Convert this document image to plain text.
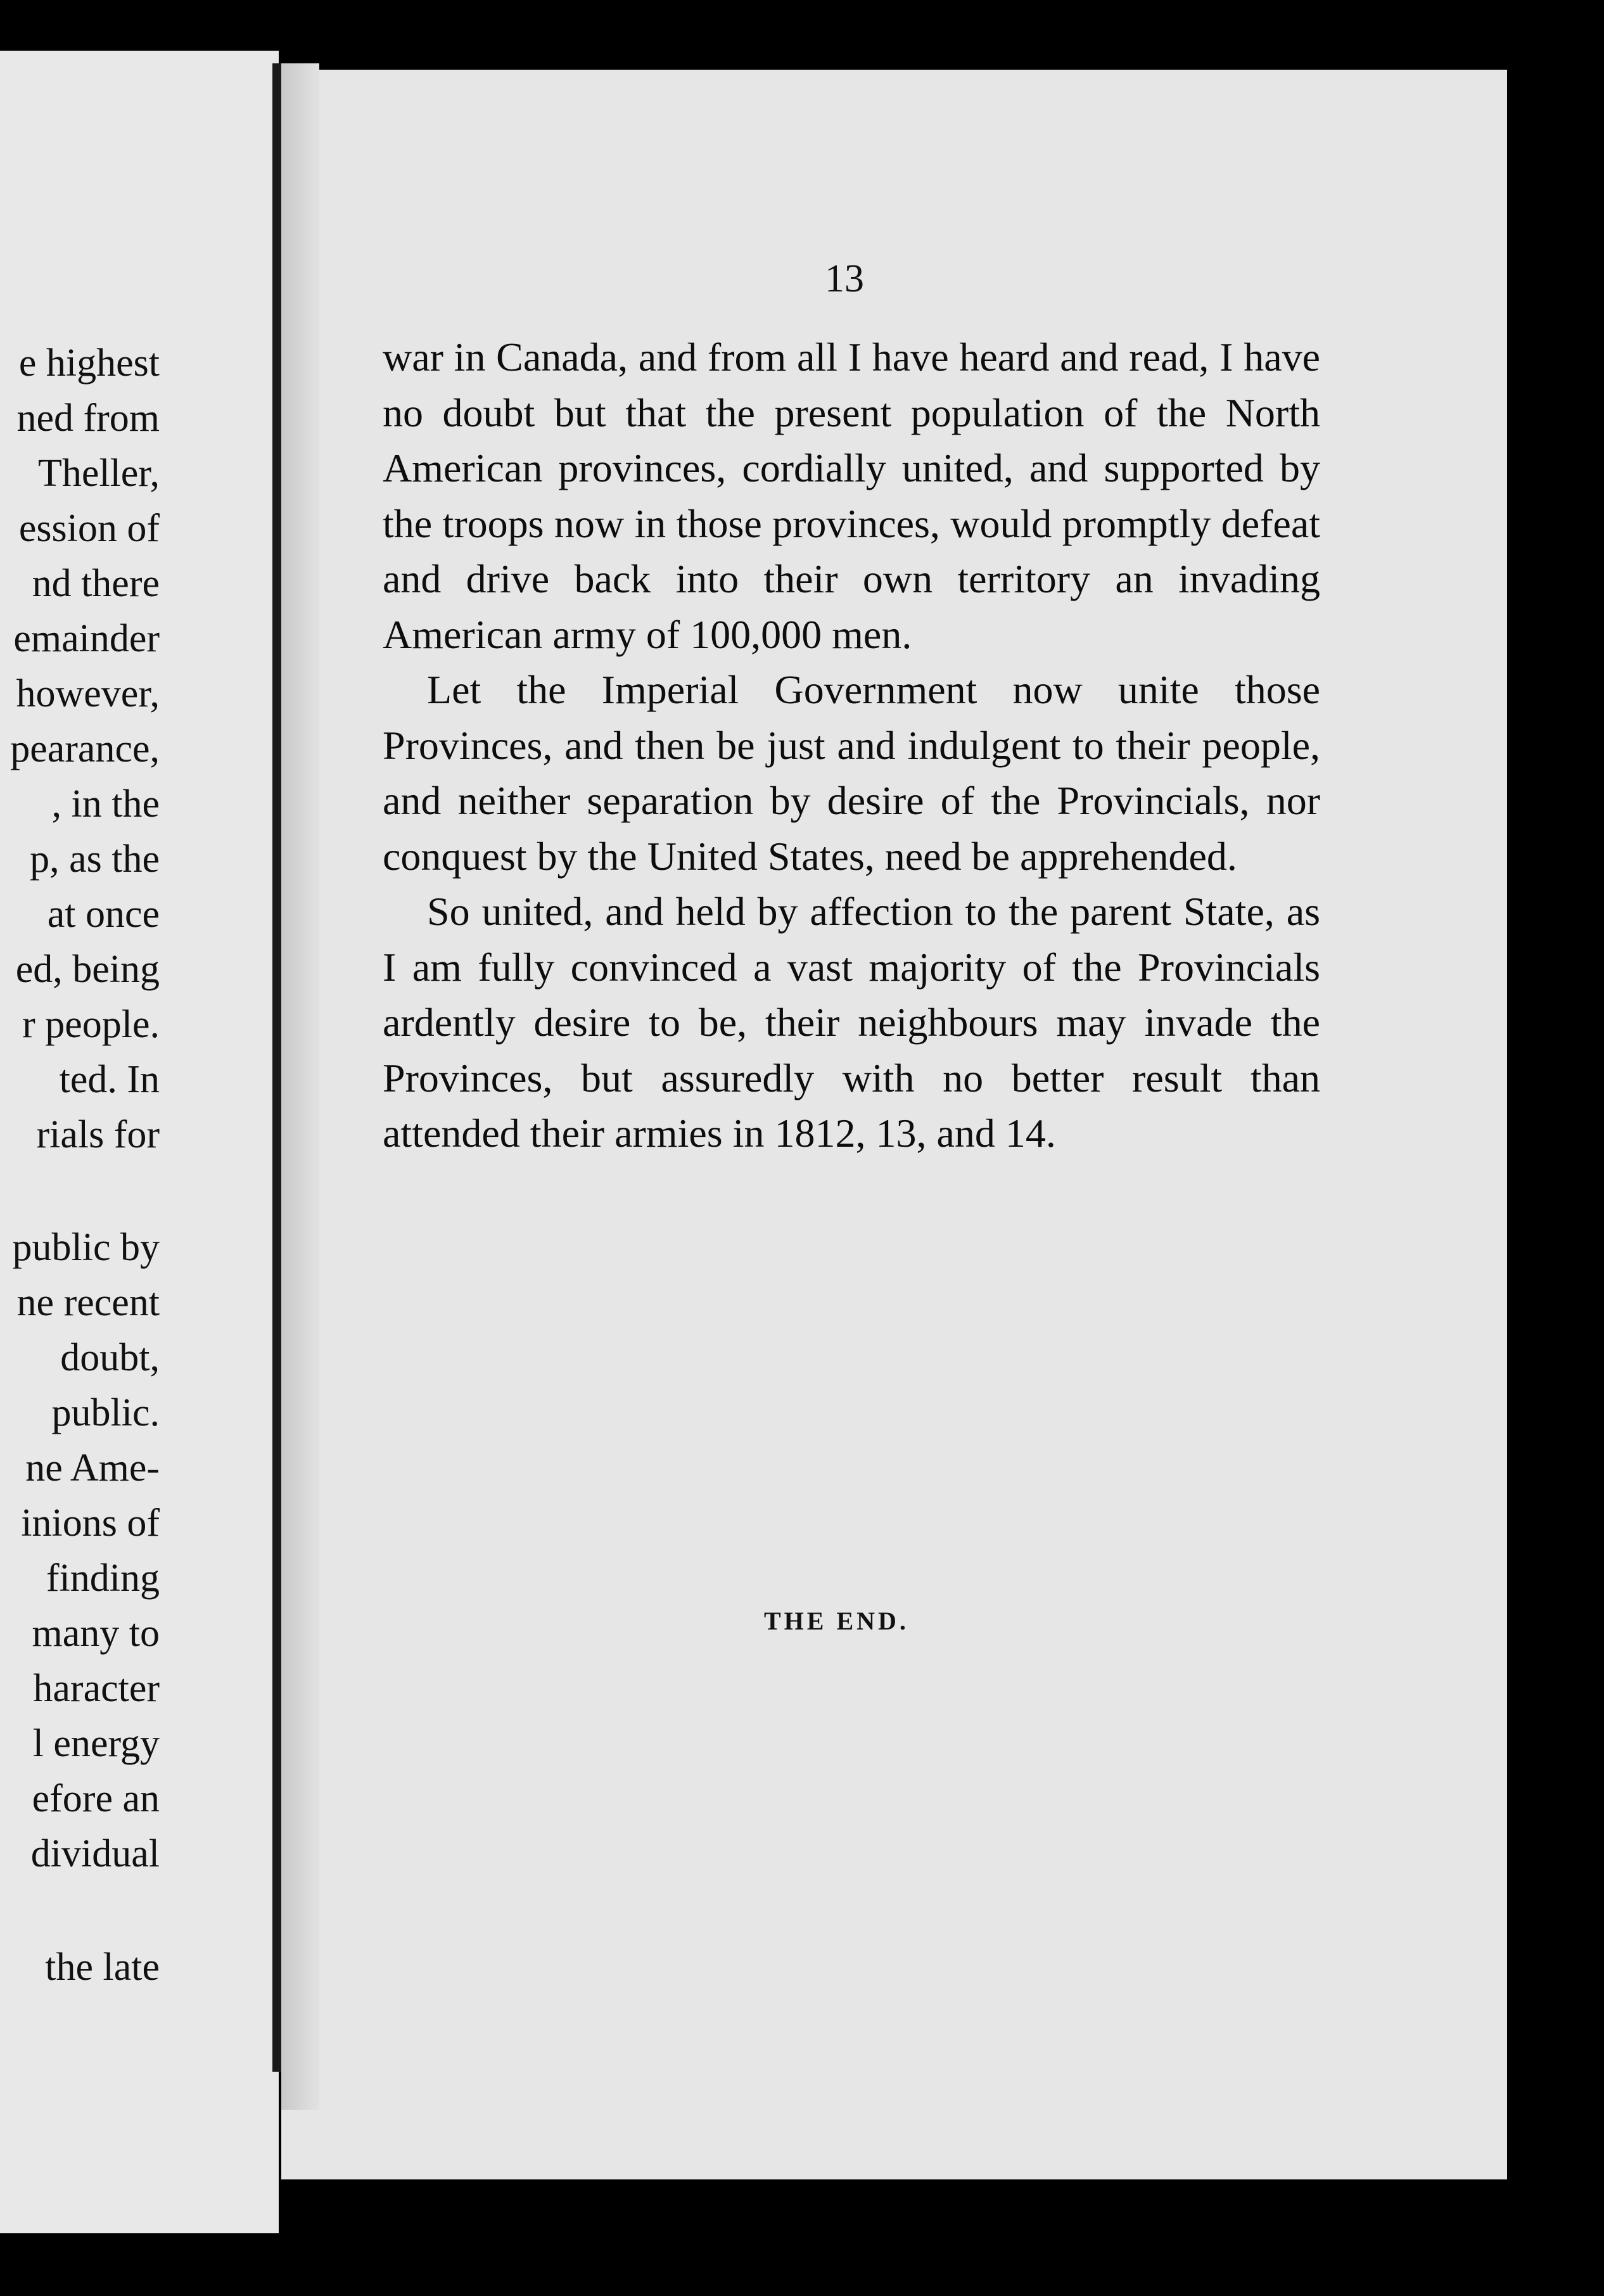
e highest
ned from
Theller,
ession of
nd there
emainder
however,
pearance,
, in the
p, as the
at once
ed, being
r people.
ted. In
rials for
public by
ne recent
doubt,
public.
ne Ame-
inions of
finding
many to
haracter
l energy
efore an
dividual
the late
13

war in Canada, and from all I have heard and read, I have no doubt but that the present population of the North American provinces, cordially united, and supported by the troops now in those provinces, would promptly defeat and drive back into their own territory an invading American army of 100,000 men.

Let the Imperial Government now unite those Provinces, and then be just and indulgent to their people, and neither separation by desire of the Provincials, nor conquest by the United States, need be apprehended.

So united, and held by affection to the parent State, as I am fully convinced a vast majority of the Provincials ardently desire to be, their neighbours may invade the Provinces, but assuredly with no better result than attended their armies in 1812, 13, and 14.

THE END.
